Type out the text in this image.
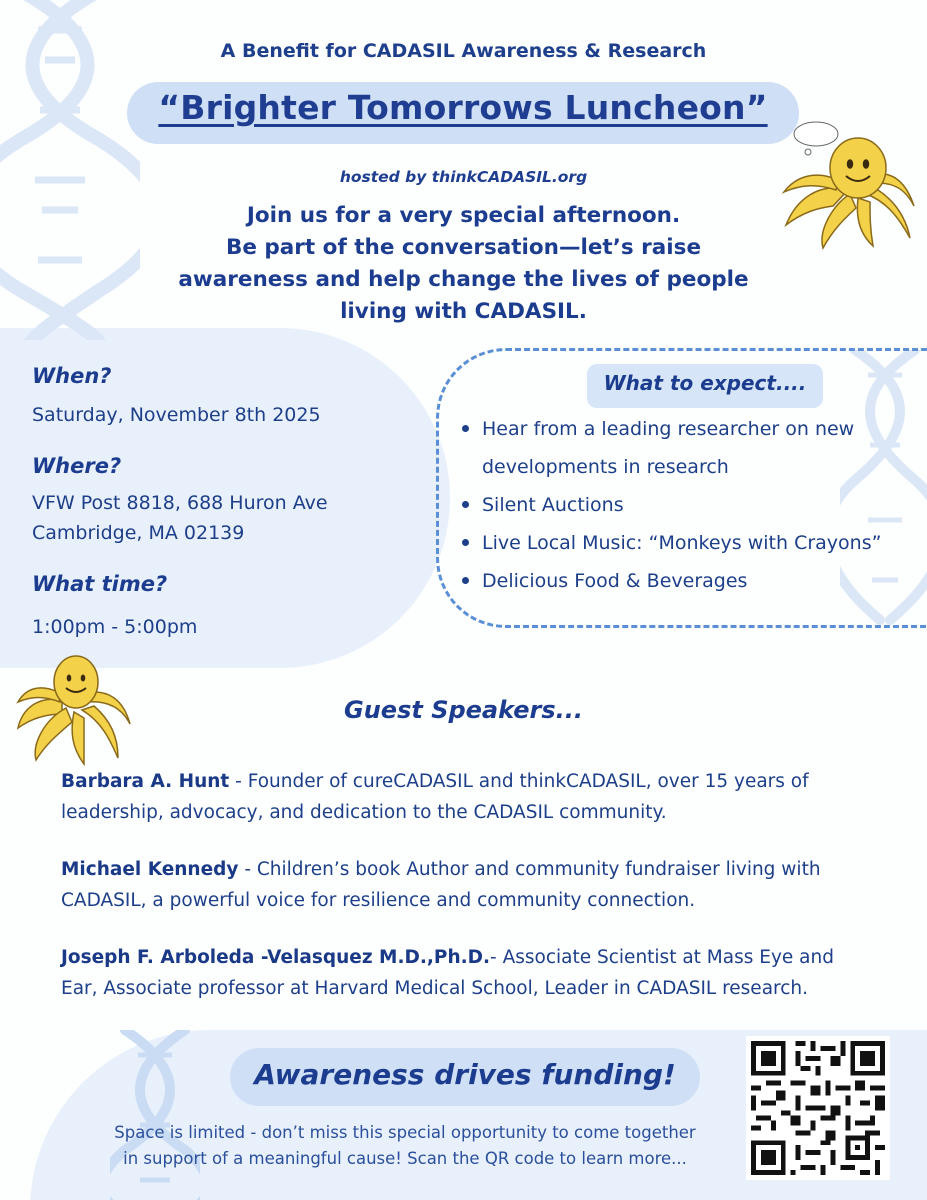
A Benefit for CADASIL Awareness & Research
“Brighter Tomorrows Luncheon”
hosted by thinkCADASIL.org
Join us for a very special afternoon.
Be part of the conversation—let’s raise
awareness and help change the lives of people
living with CADASIL.
When?
Saturday, November 8th 2025
Where?
VFW Post 8818, 688 Huron Ave
Cambridge, MA 02139
What time?
1:00pm - 5:00pm
What to expect....
Hear from a leading researcher on new developments in research
Silent Auctions
Live Local Music: “Monkeys with Crayons”
Delicious Food & Beverages
Guest Speakers...
Barbara A. Hunt - Founder of cureCADASIL and thinkCADASIL, over 15 years of leadership, advocacy, and dedication to the CADASIL community.
Michael Kennedy - Children’s book Author and community fundraiser living with CADASIL, a powerful voice for resilience and community connection.
Joseph F. Arboleda -Velasquez M.D.,Ph.D.- Associate Scientist at Mass Eye and Ear, Associate professor at Harvard Medical School, Leader in CADASIL research.
Awareness drives funding!
Space is limited - don’t miss this special opportunity to come together
in support of a meaningful cause! Scan the QR code to learn more...
